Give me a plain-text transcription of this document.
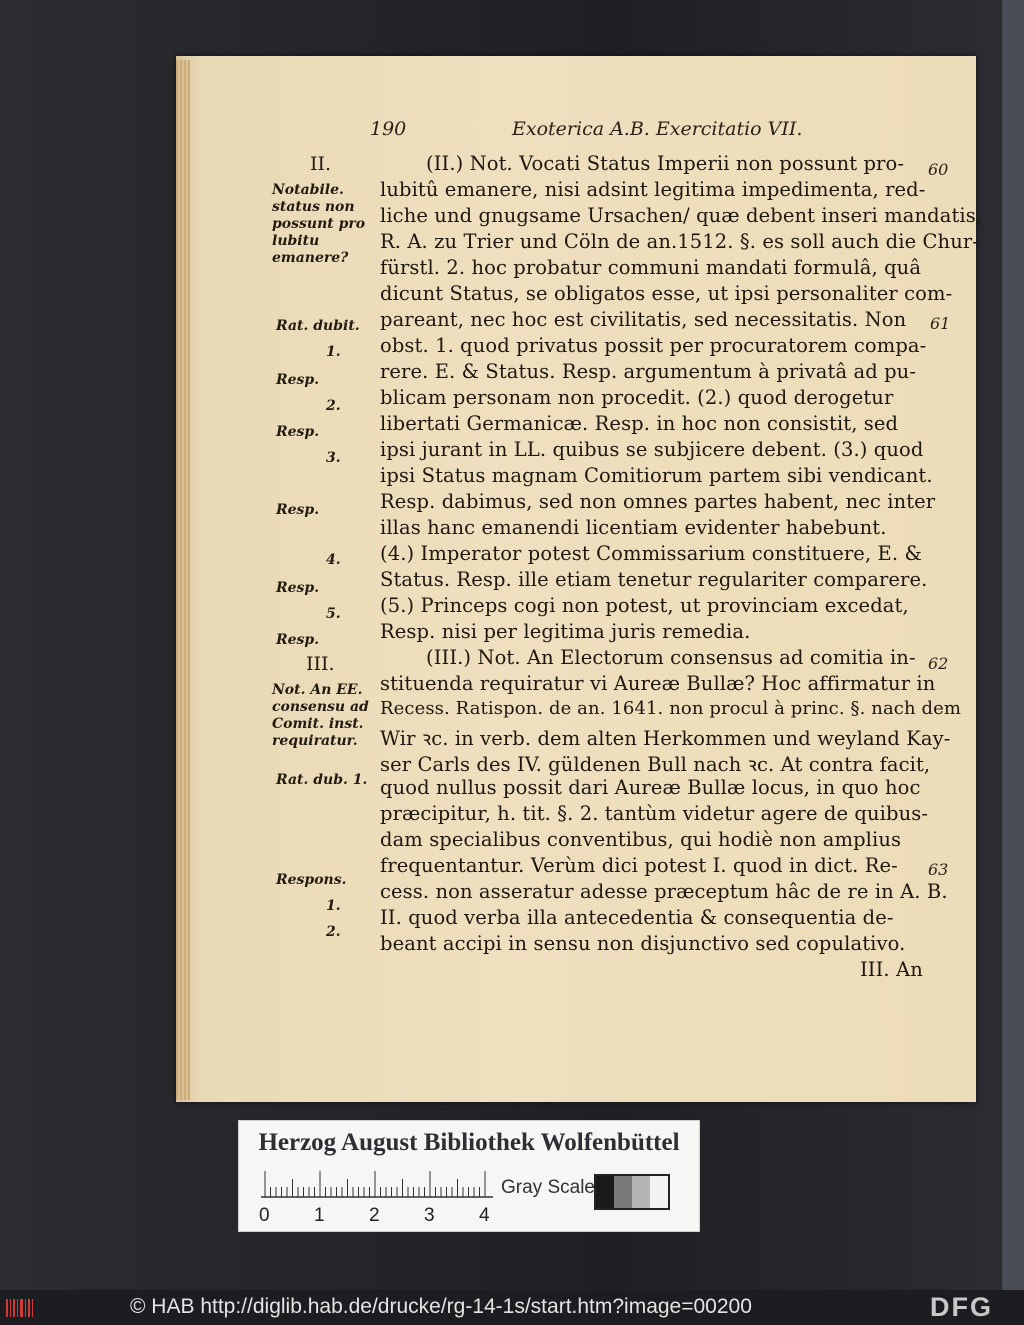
190	Exoterica A.B. Exercitatio VII.
II.
Notabile. status non possunt pro lubitu emanere?
Rat. dubit.
1.
Resp.
2.
Resp.
3.
Resp.
4.
Resp.
5.
Resp.
III.
Not. An EE. consensu ad Comit. inst. requiratur.
Rat. dub. 1.
Respons.
1.
2.
(II.) Not. Vocati Status Imperii non possunt pro-
lubitû emanere, nisi adsint legitima impedimenta, red-
liche und gnugsame Ursachen/ quæ debent inseri mandatis,
R. A. zu Trier und Cöln de an.1512. §. es soll auch die Chur-
fürstl. 2. hoc probatur communi mandati formulâ, quâ
dicunt Status, se obligatos esse, ut ipsi personaliter com-
pareant, nec hoc est civilitatis, sed necessitatis. Non
obst. 1. quod privatus possit per procuratorem compa-
rere. E. & Status. Resp. argumentum à privatâ ad pu-
blicam personam non procedit. (2.) quod derogetur
libertati Germanicæ. Resp. in hoc non consistit, sed
ipsi jurant in LL. quibus se subjicere debent. (3.) quod
ipsi Status magnam Comitiorum partem sibi vendicant.
Resp. dabimus, sed non omnes partes habent, nec inter
illas hanc emanendi licentiam evidenter habebunt.
(4.) Imperator potest Commissarium constituere, E. &
Status. Resp. ille etiam tenetur regulariter comparere.
(5.) Princeps cogi non potest, ut provinciam excedat,
Resp. nisi per legitima juris remedia.
(III.) Not. An Electorum consensus ad comitia in-
stituenda requiratur vi Aureæ Bullæ? Hoc affirmatur in
Recess. Ratispon. de an. 1641. non procul à princ. §. nach dem
Wir ꝛc. in verb. dem alten Herkommen und weyland Kay-
ser Carls des IV. güldenen Bull nach ꝛc. At contra facit,
quod nullus possit dari Aureæ Bullæ locus, in quo hoc
præcipitur, h. tit. §. 2. tantùm videtur agere de quibus-
dam specialibus conventibus, qui hodiè non amplius
frequentantur. Verùm dici potest I. quod in dict. Re-
cess. non asseratur adesse præceptum hâc de re in A. B.
II. quod verba illa antecedentia & consequentia de-
beant accipi in sensu non disjunctivo sed copulativo.
III. An
60
61
62
63
Herzog August Bibliothek Wolfenbüttel
Gray Scale
0 1 2 3 4
© HAB http://diglib.hab.de/drucke/rg-14-1s/start.htm?image=00200	DFG
